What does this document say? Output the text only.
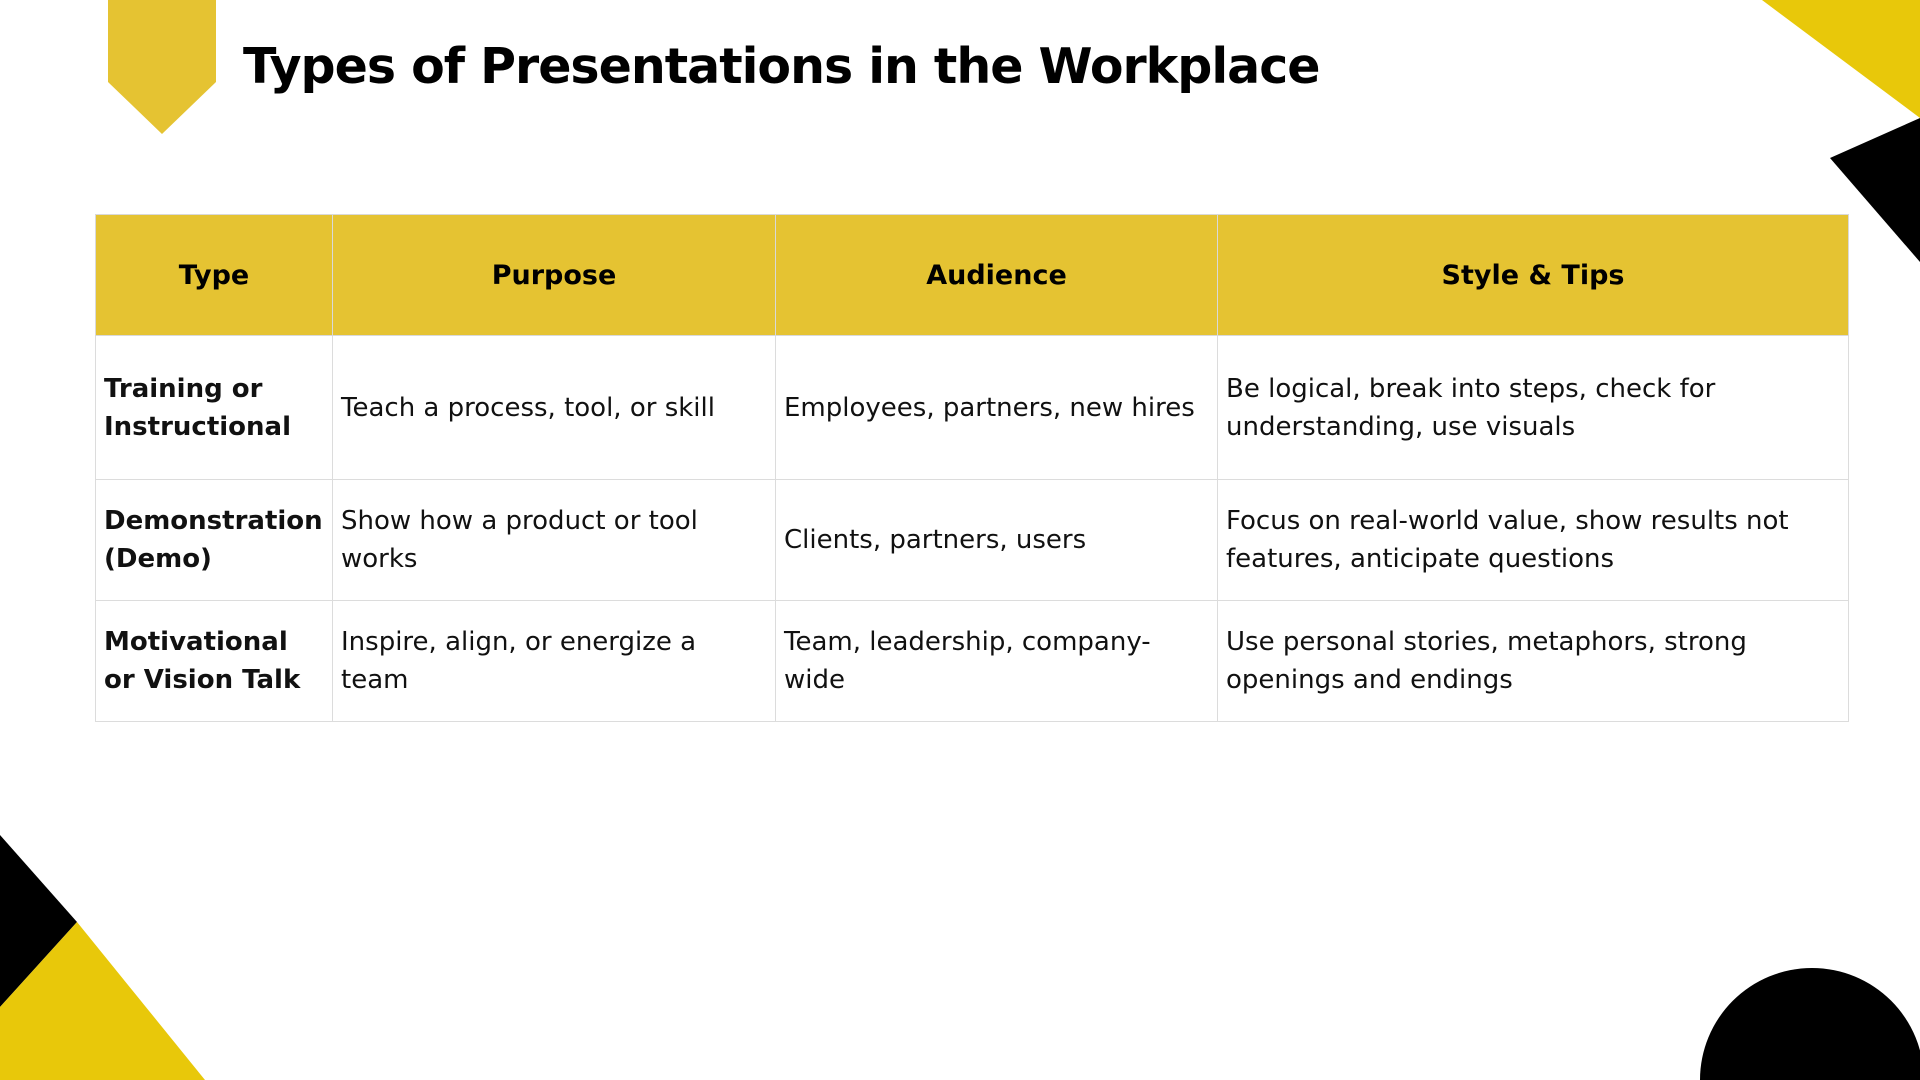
Types of Presentations in the Workplace
Type	Purpose	Audience	Style & Tips
Training or Instructional	Teach a process, tool, or skill	Employees, partners, new hires	Be logical, break into steps, check for understanding, use visuals
Demonstration (Demo)	Show how a product or tool works	Clients, partners, users	Focus on real-world value, show results not features, anticipate questions
Motivational or Vision Talk	Inspire, align, or energize a team	Team, leadership, company-wide	Use personal stories, metaphors, strong openings and endings
